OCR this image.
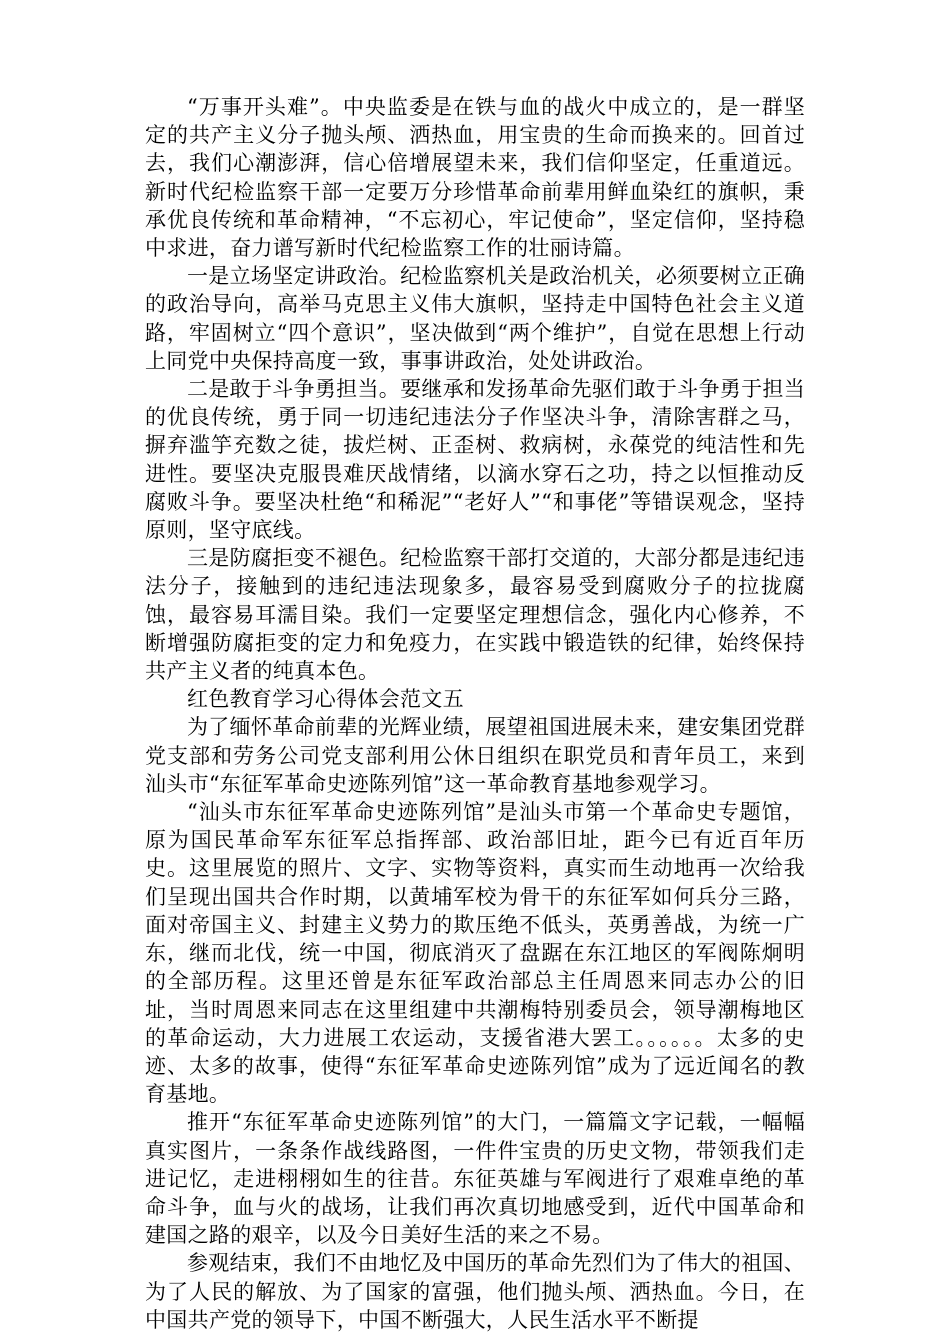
“万事开头难”。中央监委是在铁与血的战火中成立的，是一群坚定的共产主义分子抛头颅、洒热血，用宝贵的生命而换来的。回首过去，我们心潮澎湃，信心倍增展望未来，我们信仰坚定，任重道远。新时代纪检监察干部一定要万分珍惜革命前辈用鲜血染红的旗帜，秉承优良传统和革命精神，“不忘初心，牢记使命”，坚定信仰，坚持稳中求进，奋力谱写新时代纪检监察工作的壮丽诗篇。

一是立场坚定讲政治。纪检监察机关是政治机关，必须要树立正确的政治导向，高举马克思主义伟大旗帜，坚持走中国特色社会主义道路，牢固树立“四个意识”，坚决做到“两个维护”，自觉在思想上行动上同党中央保持高度一致，事事讲政治，处处讲政治。

二是敢于斗争勇担当。要继承和发扬革命先驱们敢于斗争勇于担当的优良传统，勇于同一切违纪违法分子作坚决斗争，清除害群之马，摒弃滥竽充数之徒，拔烂树、正歪树、救病树，永葆党的纯洁性和先进性。要坚决克服畏难厌战情绪，以滴水穿石之功，持之以恒推动反腐败斗争。要坚决杜绝“和稀泥”“老好人”“和事佬”等错误观念，坚持原则，坚守底线。

三是防腐拒变不褪色。纪检监察干部打交道的，大部分都是违纪违法分子，接触到的违纪违法现象多，最容易受到腐败分子的拉拢腐蚀，最容易耳濡目染。我们一定要坚定理想信念，强化内心修养，不断增强防腐拒变的定力和免疫力，在实践中锻造铁的纪律，始终保持共产主义者的纯真本色。

红色教育学习心得体会范文五

为了缅怀革命前辈的光辉业绩，展望祖国进展未来，建安集团党群党支部和劳务公司党支部利用公休日组织在职党员和青年员工，来到汕头市“东征军革命史迹陈列馆”这一革命教育基地参观学习。

“汕头市东征军革命史迹陈列馆”是汕头市第一个革命史专题馆，原为国民革命军东征军总指挥部、政治部旧址，距今已有近百年历史。这里展览的照片、文字、实物等资料，真实而生动地再一次给我们呈现出国共合作时期，以黄埔军校为骨干的东征军如何兵分三路，面对帝国主义、封建主义势力的欺压绝不低头，英勇善战，为统一广东，继而北伐，统一中国，彻底消灭了盘踞在东江地区的军阀陈炯明的全部历程。这里还曾是东征军政治部总主任周恩来同志办公的旧址，当时周恩来同志在这里组建中共潮梅特别委员会，领导潮梅地区的革命运动，大力进展工农运动，支援省港大罢工。。。。。。太多的史迹、太多的故事，使得“东征军革命史迹陈列馆”成为了远近闻名的教育基地。

推开“东征军革命史迹陈列馆”的大门，一篇篇文字记载，一幅幅真实图片，一条条作战线路图，一件件宝贵的历史文物，带领我们走进记忆，走进栩栩如生的往昔。东征英雄与军阀进行了艰难卓绝的革命斗争，血与火的战场，让我们再次真切地感受到，近代中国革命和建国之路的艰辛，以及今日美好生活的来之不易。

参观结束，我们不由地忆及中国历的革命先烈们为了伟大的祖国、为了人民的解放、为了国家的富强，他们抛头颅、洒热血。今日，在中国共产党的领导下，中国不断强大，人民生活水平不断提
